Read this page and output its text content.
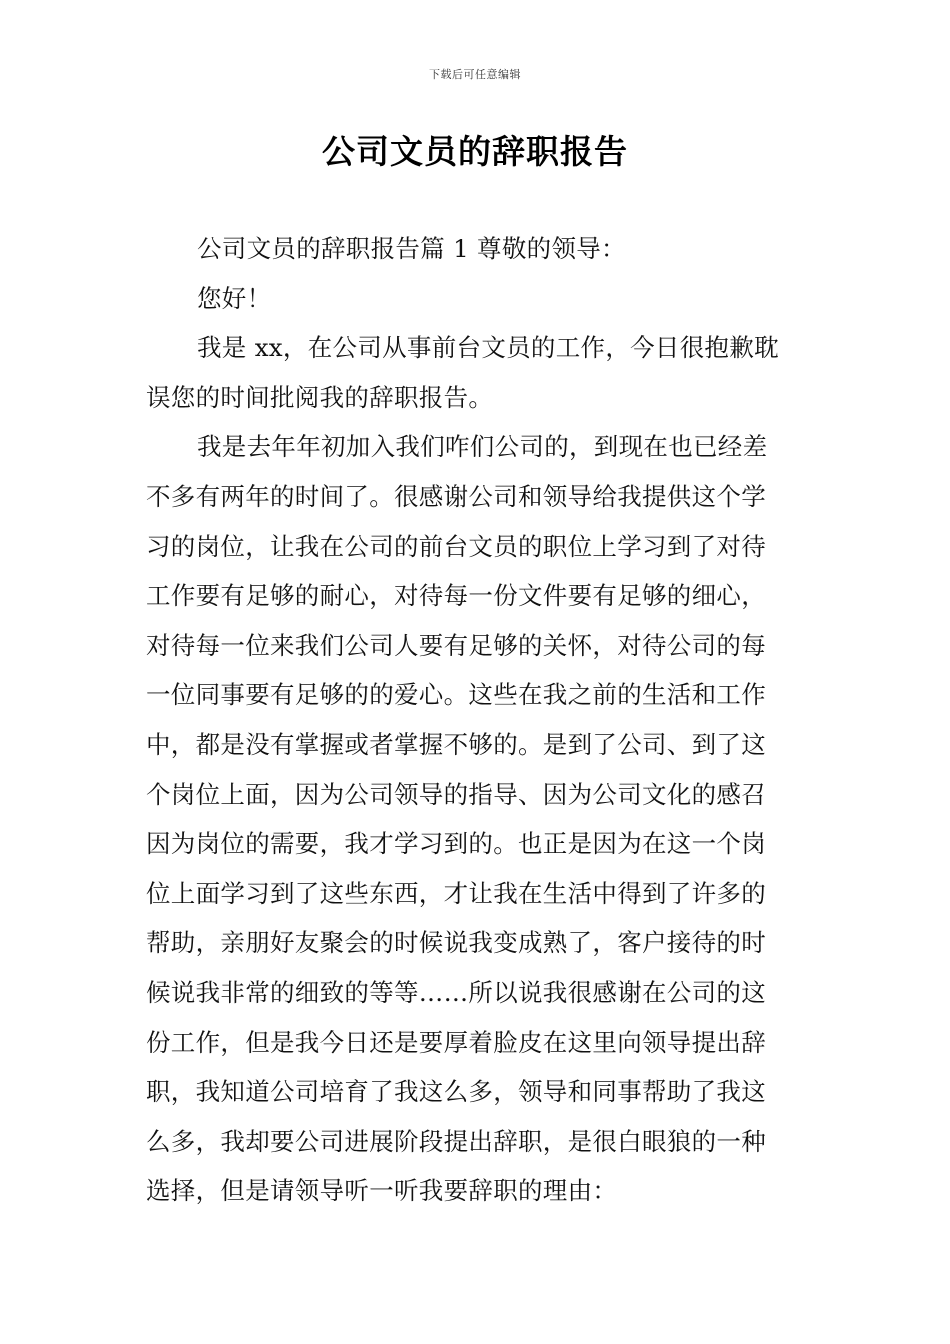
下载后可任意编辑
公司文员的辞职报告
公司文员的辞职报告篇 1 尊敬的领导：
您好！
我是 xx，在公司从事前台文员的工作，今日很抱歉耽
误您的时间批阅我的辞职报告。
我是去年年初加入我们咋们公司的，到现在也已经差
不多有两年的时间了。很感谢公司和领导给我提供这个学
习的岗位，让我在公司的前台文员的职位上学习到了对待
工作要有足够的耐心，对待每一份文件要有足够的细心，
对待每一位来我们公司人要有足够的关怀，对待公司的每
一位同事要有足够的的爱心。这些在我之前的生活和工作
中，都是没有掌握或者掌握不够的。是到了公司、到了这
个岗位上面，因为公司领导的指导、因为公司文化的感召
因为岗位的需要，我才学习到的。也正是因为在这一个岗
位上面学习到了这些东西，才让我在生活中得到了许多的
帮助，亲朋好友聚会的时候说我变成熟了，客户接待的时
候说我非常的细致的等等……所以说我很感谢在公司的这
份工作，但是我今日还是要厚着脸皮在这里向领导提出辞
职，我知道公司培育了我这么多，领导和同事帮助了我这
么多，我却要公司进展阶段提出辞职，是很白眼狼的一种
选择，但是请领导听一听我要辞职的理由：
